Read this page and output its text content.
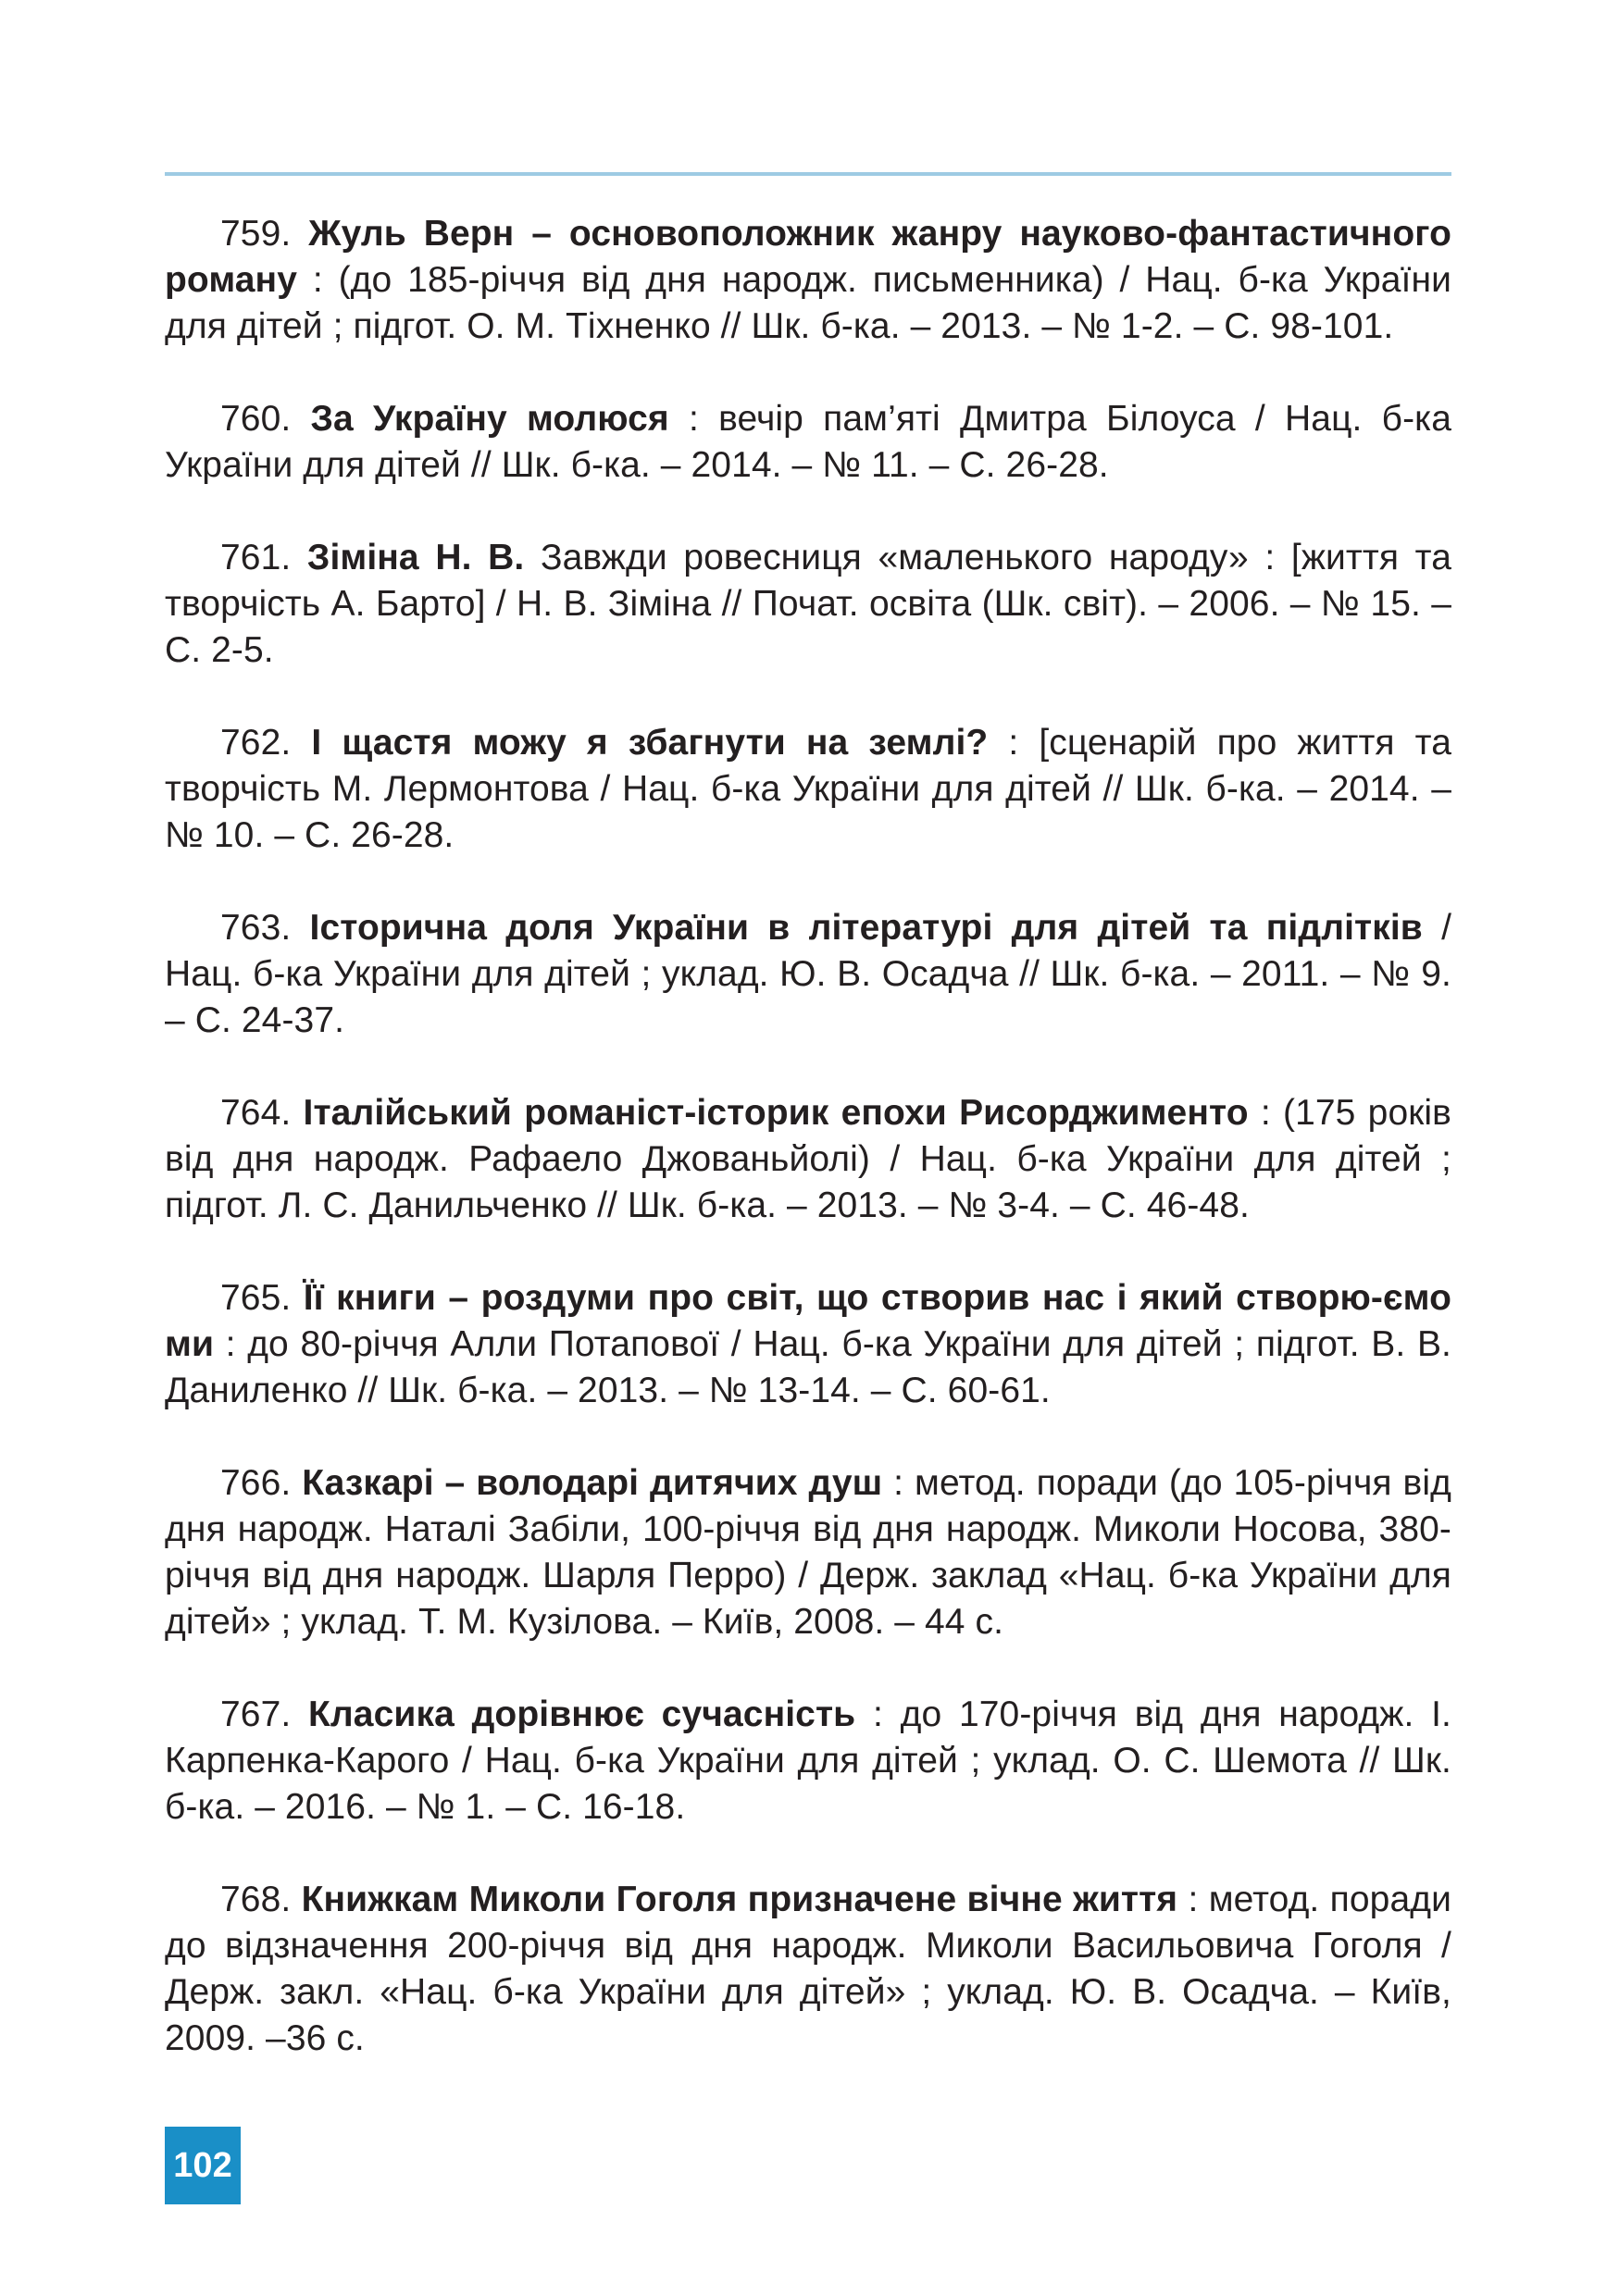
759. Жуль Верн – основоположник жанру науково-фантастичного роману : (до 185-річчя від дня народж. письменника) / Нац. б-ка України для дітей ; підгот. О. М. Тіхненко // Шк. б-ка. – 2013. – № 1-2. – С. 98-101.

760. За Україну молюся : вечір пам’яті Дмитра Білоуса / Нац. б-ка України для дітей // Шк. б-ка. – 2014. – № 11. – С. 26-28.

761. Зіміна Н. В. Завжди ровесниця «маленького народу» : [життя та творчість А. Барто] / Н. В. Зіміна // Почат. освіта (Шк. світ). – 2006. – № 15. – С. 2-5.

762. І щастя можу я збагнути на землі? : [сценарій про життя та творчість М. Лермонтова / Нац. б-ка України для дітей // Шк. б-ка. – 2014. – № 10. – С. 26-28.

763. Історична доля України в літературі для дітей та підлітків / Нац. б-ка України для дітей ; уклад. Ю. В. Осадча // Шк. б-ка. – 2011. – № 9. – С. 24-37.

764. Італійський романіст-історик епохи Рисорджименто : (175 років від дня народж. Рафаело Джованьйолі) / Нац. б-ка України для дітей ; підгот. Л. С. Данильченко // Шк. б-ка. – 2013. – № 3-4. – С. 46-48.

765. Її книги – роздуми про світ, що створив нас і який створю-ємо ми : до 80-річчя Алли Потапової / Нац. б-ка України для дітей ; підгот. В. В. Даниленко // Шк. б-ка. – 2013. – № 13-14. – С. 60-61.

766. Казкарі – володарі дитячих душ : метод. поради (до 105-річчя від дня народж. Наталі Забіли, 100-річчя від дня народж. Миколи Носова, 380-річчя від дня народж. Шарля Перро) / Держ. заклад «Нац. б-ка України для дітей» ; уклад. Т. М. Кузілова. – Київ, 2008. – 44 с.

767. Класика дорівнює сучасність : до 170-річчя від дня народж. І. Карпенка-Карого / Нац. б-ка України для дітей ; уклад. О. С. Шемота // Шк. б-ка. – 2016. – № 1. – С. 16-18.

768. Книжкам Миколи Гоголя призначене вічне життя : метод. поради до відзначення 200-річчя від дня народж. Миколи Васильовича Гоголя / Держ. закл. «Нац. б-ка України для дітей» ; уклад. Ю. В. Осадча. – Київ, 2009. –36 с.

102
